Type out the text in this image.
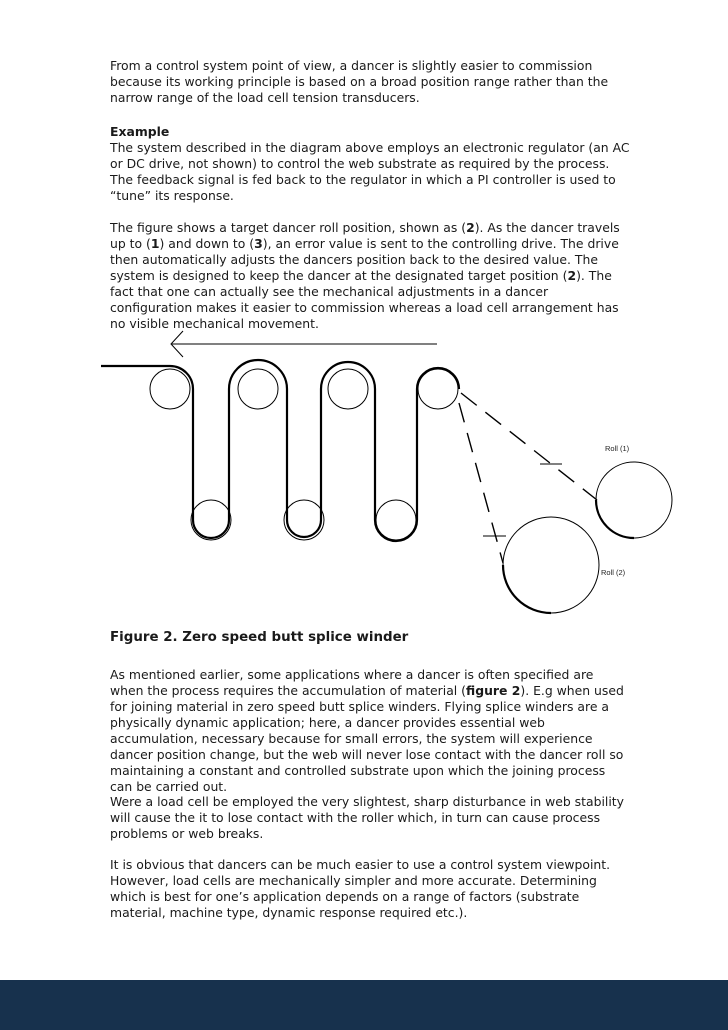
From a control system point of view, a dancer is slightly easier to commission because its working principle is based on a broad position range rather than the narrow range of the load cell tension transducers.

Example

The system described in the diagram above employs an electronic regulator (an AC or DC drive, not shown) to control the web substrate as required by the process. The feedback signal is fed back to the regulator in which a PI controller is used to “tune” its response.

The figure shows a target dancer roll position, shown as (2). As the dancer travels up to (1) and down to (3), an error value is sent to the controlling drive. The drive then automatically adjusts the dancers position back to the desired value. The system is designed to keep the dancer at the designated target position (2). The fact that one can actually see the mechanical adjustments in a dancer configuration makes it easier to commission whereas a load cell arrangement has no visible mechanical movement.

Roll (1)
Roll (2)

Figure 2. Zero speed butt splice winder

As mentioned earlier, some applications where a dancer is often specified are when the process requires the accumulation of material (figure 2). E.g when used for joining material in zero speed butt splice winders. Flying splice winders are a physically dynamic application; here, a dancer provides essential web accumulation, necessary because for small errors, the system will experience dancer position change, but the web will never lose contact with the dancer roll so maintaining a constant and controlled substrate upon which the joining process can be carried out.

Were a load cell be employed the very slightest, sharp disturbance in web stability will cause the it to lose contact with the roller which, in turn can cause process problems or web breaks.

It is obvious that dancers can be much easier to use a control system viewpoint. However, load cells are mechanically simpler and more accurate. Determining which is best for one’s application depends on a range of factors (substrate material, machine type, dynamic response required etc.).
